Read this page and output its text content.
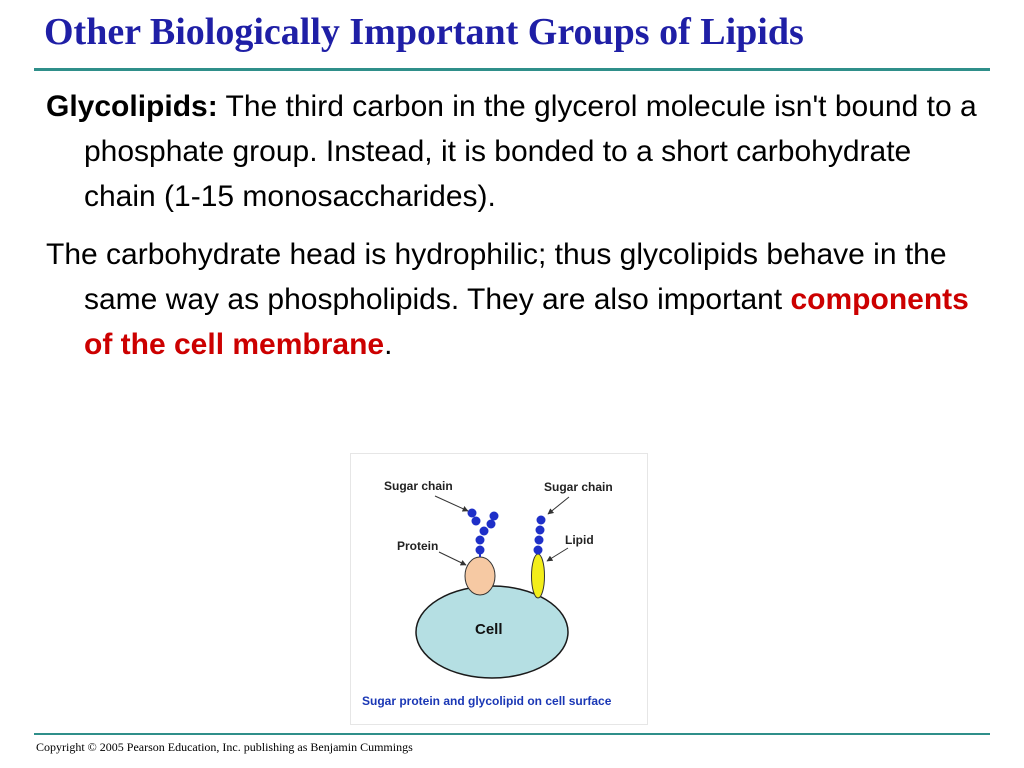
Other Biologically Important Groups of Lipids

Glycolipids: The third carbon in the glycerol molecule isn't bound to a phosphate group. Instead, it is bonded to a short carbohydrate chain (1-15 monosaccharides).

The carbohydrate head is hydrophilic; thus glycolipids behave in the same way as phospholipids. They are also important components of the cell membrane.

Cell
Sugar chain	Sugar chain
Protein	Lipid
Sugar protein and glycolipid on cell surface
Copyright © 2005 Pearson Education, Inc. publishing as Benjamin Cummings
